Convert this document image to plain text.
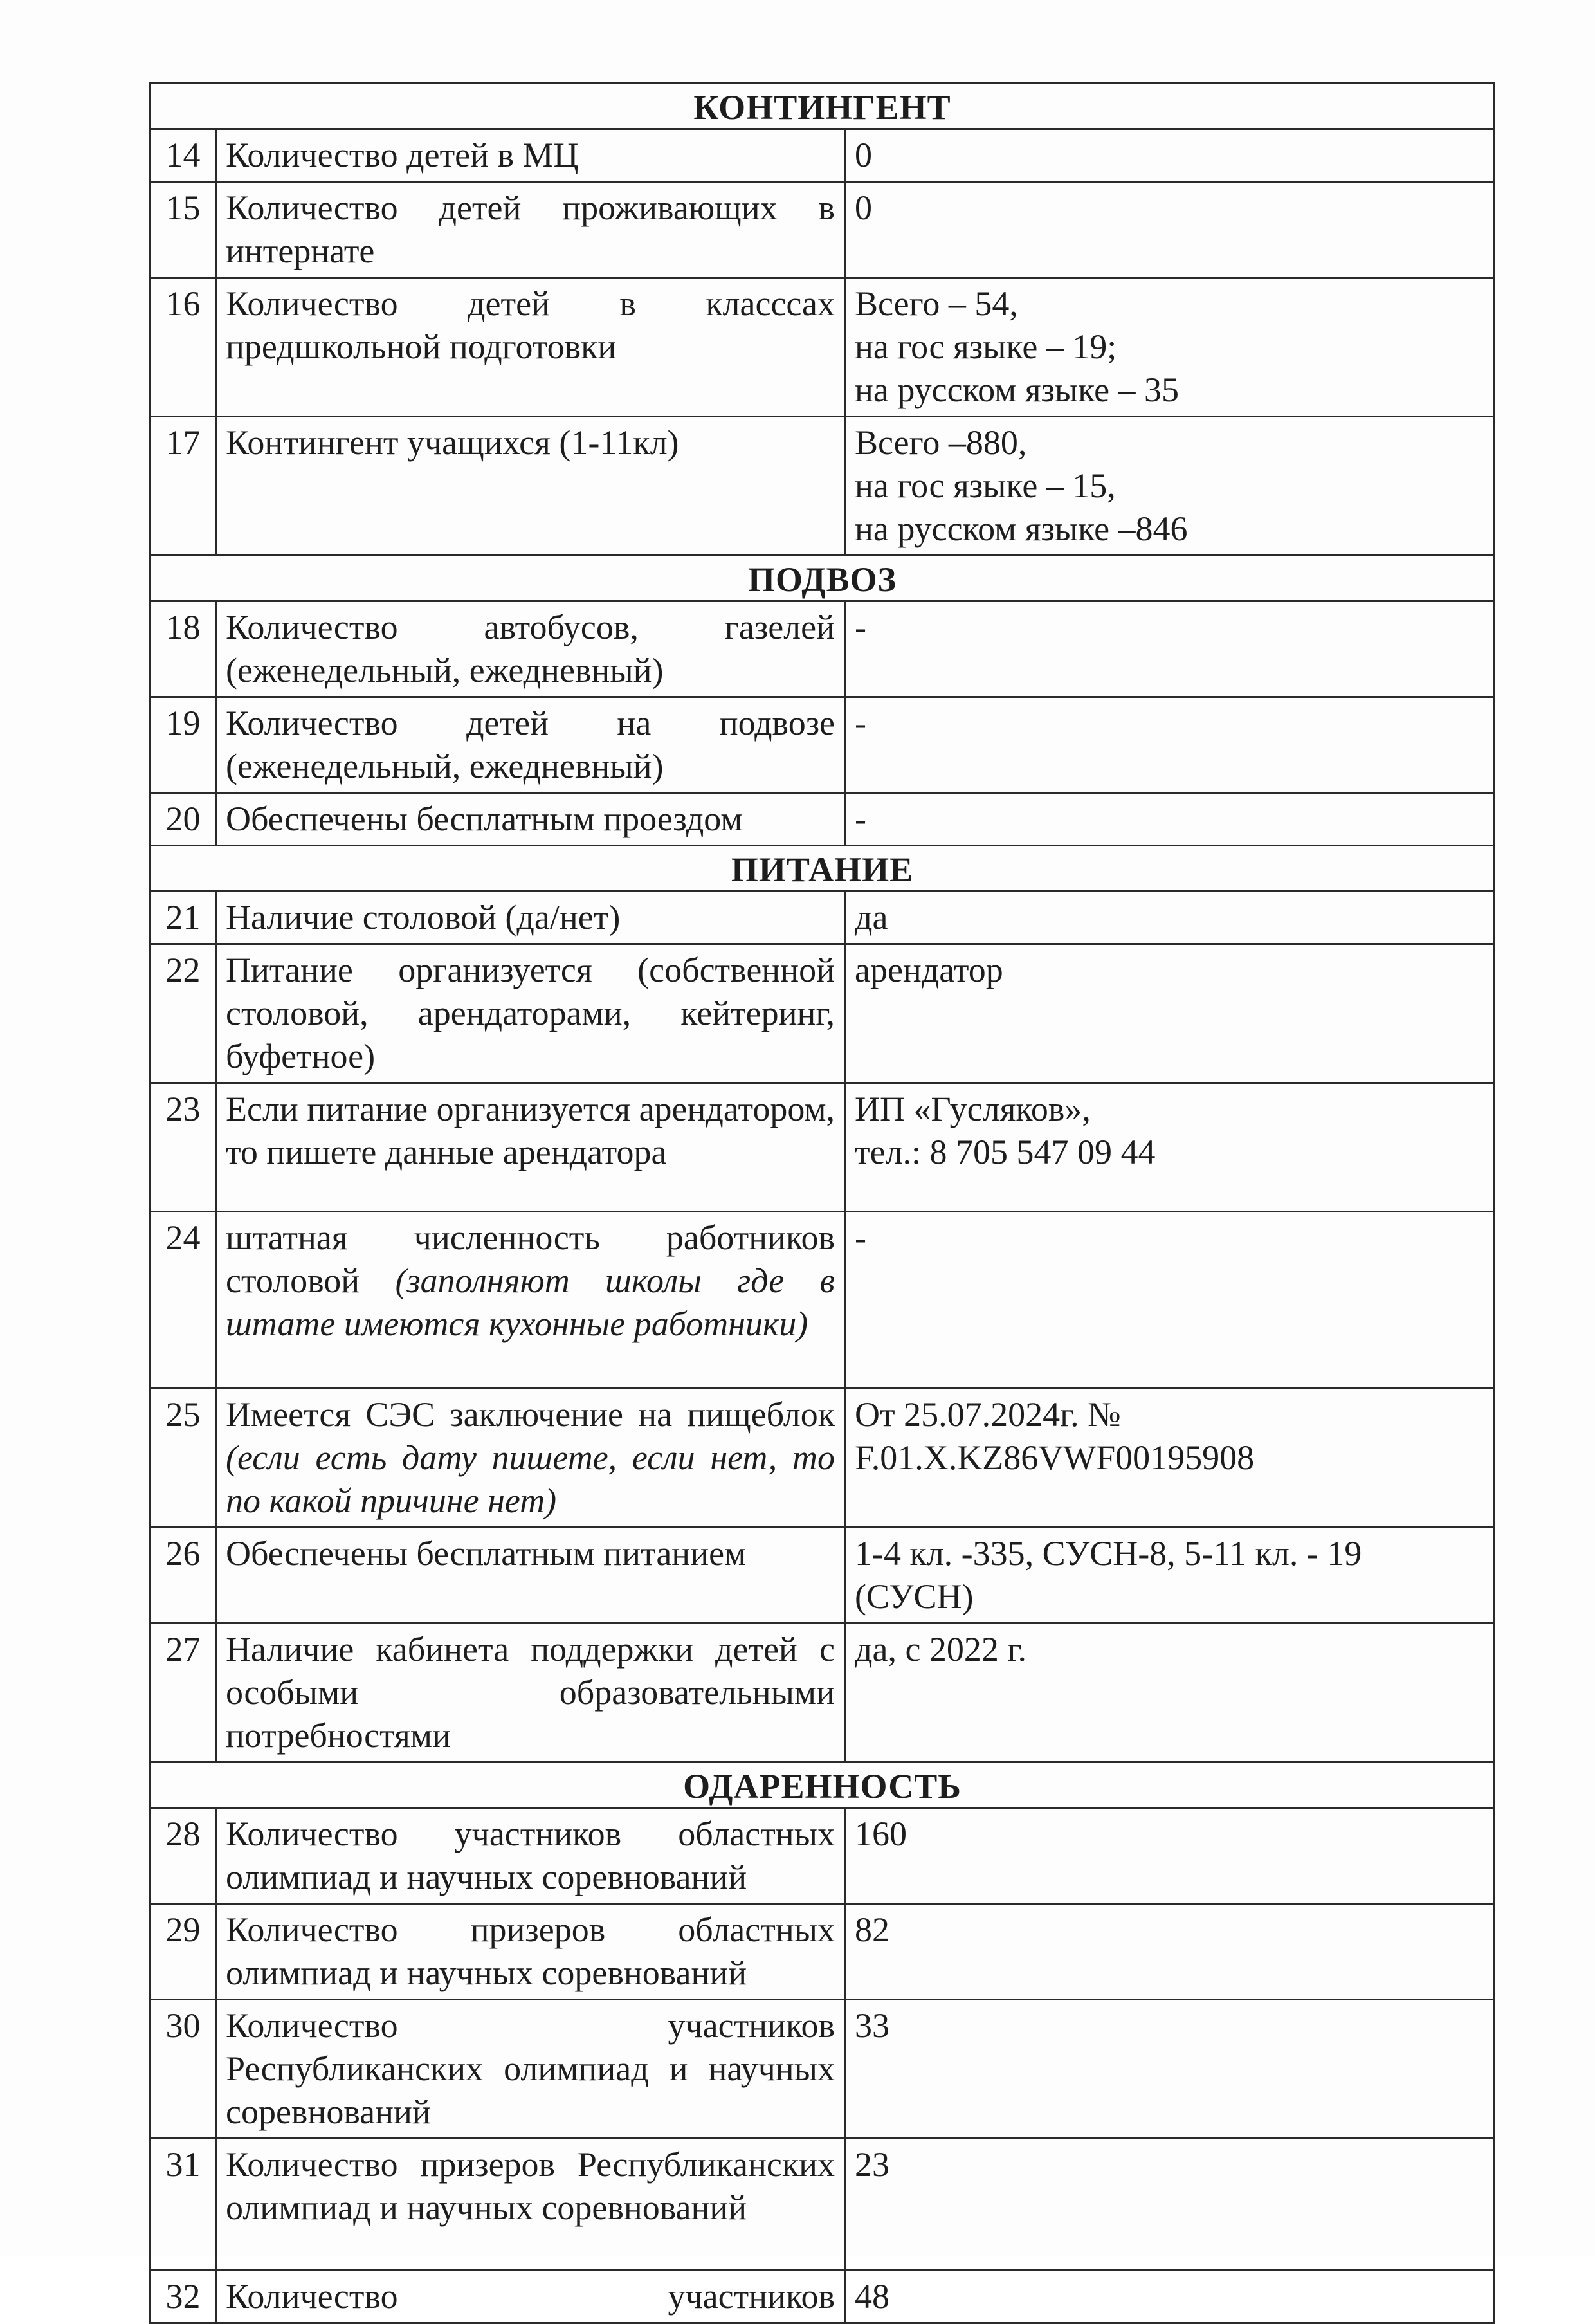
КОНТИНГЕНТ		
14	Количество детей в МЦ	0

15	Количество детей проживающих в интернате	0

16	Количество детей в класссах предшкольной подготовки	Всего – 54,
на гос языке – 19;
на русском языке – 35

17	Контингент учащихся (1-11кл)	Всего –880,
на гос языке – 15,
на русском языке –846

ПОДВОЗ		
18	Количество автобусов, газелей (еженедельный, ежедневный)	-

19	Количество детей на подвозе (еженедельный, ежедневный)	-

20	Обеспечены бесплатным проездом	-

ПИТАНИЕ		
21	Наличие столовой (да/нет)	да

22	Питание организуется (собственной столовой, арендаторами, кейтеринг, буфетное)	арендатор

23	Если питание организуется арендатором, то пишете данные арендатора	ИП «Гусляков»,
тел.: 8 705 547 09 44

24	штатная численность работников столовой (заполняют школы где в штате имеются кухонные работники)	-

25	Имеется СЭС заключение на пищеблок (если есть дату пишете, если нет, то по какой причине нет)	От 25.07.2024г. №
F.01.X.KZ86VWF00195908

26	Обеспечены бесплатным питанием	1-4 кл. -335, СУСН-8, 5-11 кл. - 19
(СУСН)

27	Наличие кабинета поддержки детей с особыми образовательными потребностями	да, с 2022 г.

ОДАРЕННОСТЬ		
28	Количество участников областных олимпиад и научных соревнований	160

29	Количество призеров областных олимпиад и научных соревнований	82

30	Количество участников Республиканских олимпиад и научных соревнований	33

31	Количество призеров Республиканских олимпиад и научных соревнований	23

32	Количество участников	48
